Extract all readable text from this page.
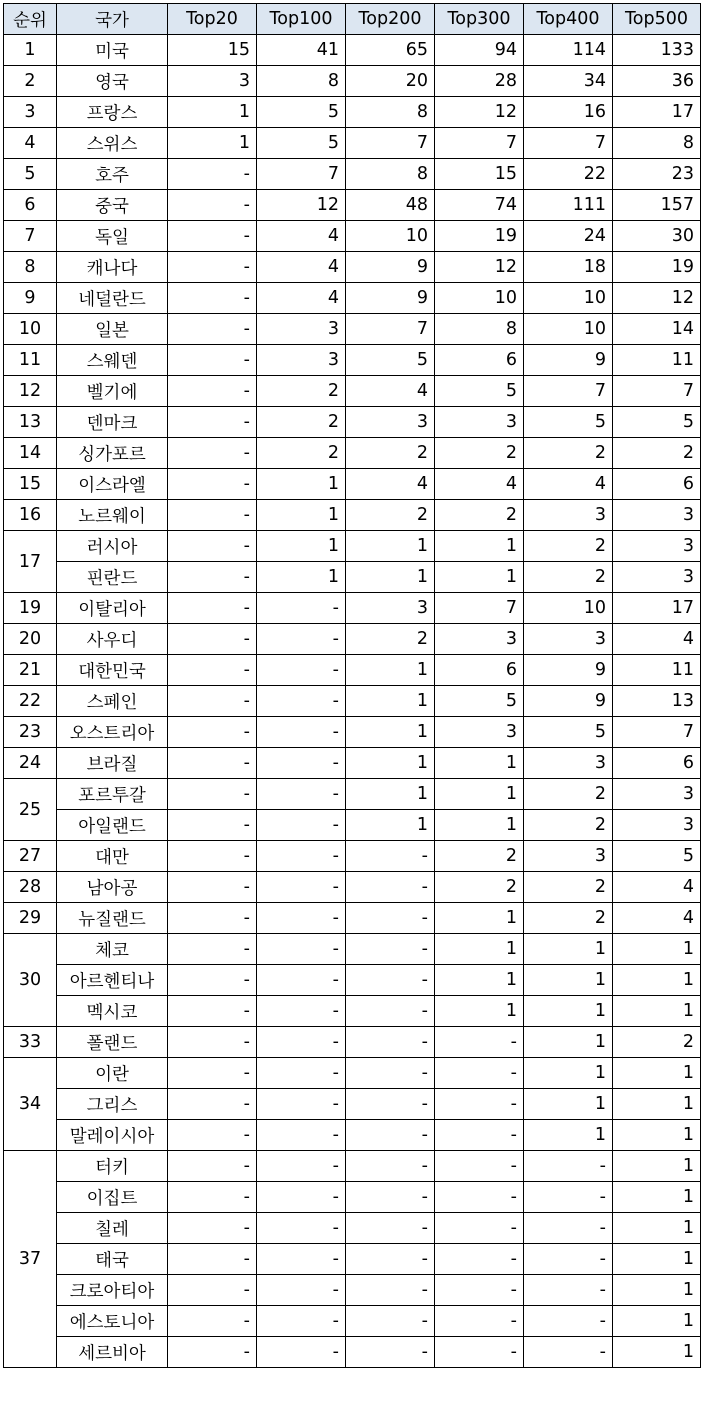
순위	국가	Top20	Top100	Top200	Top300	Top400	Top500
1	미국	15	41	65	94	114	133
2	영국	3	8	20	28	34	36
3	프랑스	1	5	8	12	16	17
4	스위스	1	5	7	7	7	8
5	호주	-	7	8	15	22	23
6	중국	-	12	48	74	111	157
7	독일	-	4	10	19	24	30
8	캐나다	-	4	9	12	18	19
9	네덜란드	-	4	9	10	10	12
10	일본	-	3	7	8	10	14
11	스웨덴	-	3	5	6	9	11
12	벨기에	-	2	4	5	7	7
13	덴마크	-	2	3	3	5	5
14	싱가포르	-	2	2	2	2	2
15	이스라엘	-	1	4	4	4	6
16	노르웨이	-	1	2	2	3	3
17	러시아	-	1	1	1	2	3
	핀란드	-	1	1	1	2	3
19	이탈리아	-	-	3	7	10	17
20	사우디	-	-	2	3	3	4
21	대한민국	-	-	1	6	9	11
22	스페인	-	-	1	5	9	13
23	오스트리아	-	-	1	3	5	7
24	브라질	-	-	1	1	3	6
25	포르투갈	-	-	1	1	2	3
	아일랜드	-	-	1	1	2	3
27	대만	-	-	-	2	3	5
28	남아공	-	-	-	2	2	4
29	뉴질랜드	-	-	-	1	2	4
30	체코	-	-	-	1	1	1
	아르헨티나	-	-	-	1	1	1
	멕시코	-	-	-	1	1	1
33	폴랜드	-	-	-	-	1	2
34	이란	-	-	-	-	1	1
	그리스	-	-	-	-	1	1
	말레이시아	-	-	-	-	1	1
37	터키	-	-	-	-	-	1
	이집트	-	-	-	-	-	1
	칠레	-	-	-	-	-	1
	태국	-	-	-	-	-	1
	크로아티아	-	-	-	-	-	1
	에스토니아	-	-	-	-	-	1
	세르비아	-	-	-	-	-	1
